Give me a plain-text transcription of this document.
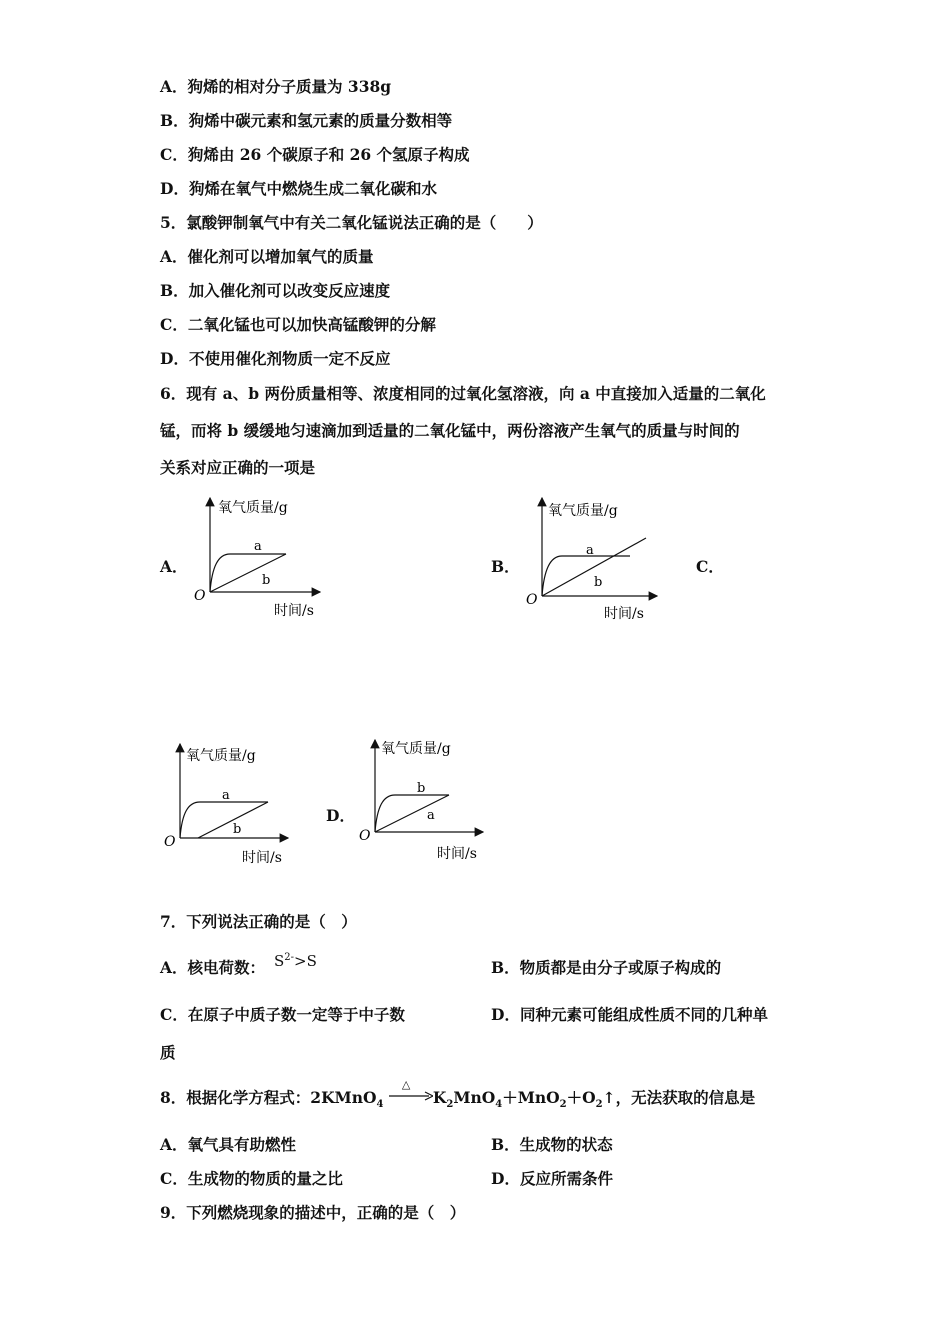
A．狗烯的相对分子质量为 338g
B．狗烯中碳元素和氢元素的质量分数相等
C．狗烯由 26 个碳原子和 26 个氢原子构成
D．狗烯在氧气中燃烧生成二氧化碳和水
5．氯酸钾制氧气中有关二氧化锰说法正确的是（　　）
A．催化剂可以增加氧气的质量
B．加入催化剂可以改变反应速度
C．二氧化锰也可以加快高锰酸钾的分解
D．不使用催化剂物质一定不反应
6．现有 a、b 两份质量相等、浓度相同的过氧化氢溶液，向 a 中直接加入适量的二氧化
锰，而将 b 缓缓地匀速滴加到适量的二氧化锰中，两份溶液产生氧气的质量与时间的
关系对应正确的一项是
A．	B．	C．
D．
氧气质量/g
时间/s
O
a
b
氧气质量/g
时间/s
O
a
b
氧气质量/g
时间/s
O
a
b
氧气质量/g
时间/s
O
b
a
7．下列说法正确的是（　）
A．核电荷数： $S^{2-}>S$	B．物质都是由分子或原子构成的
C．在原子中质子数一定等于中子数	D．同种元素可能组成性质不同的几种单
质
8．根据化学方程式：2KMnO$_4$
△
$K_2MnO_4+MnO_2+O_2↑$，无法获取的信息是
A．氧气具有助燃性	B．生成物的状态
C．生成物的物质的量之比	D．反应所需条件
9．下列燃烧现象的描述中，正确的是（　）
